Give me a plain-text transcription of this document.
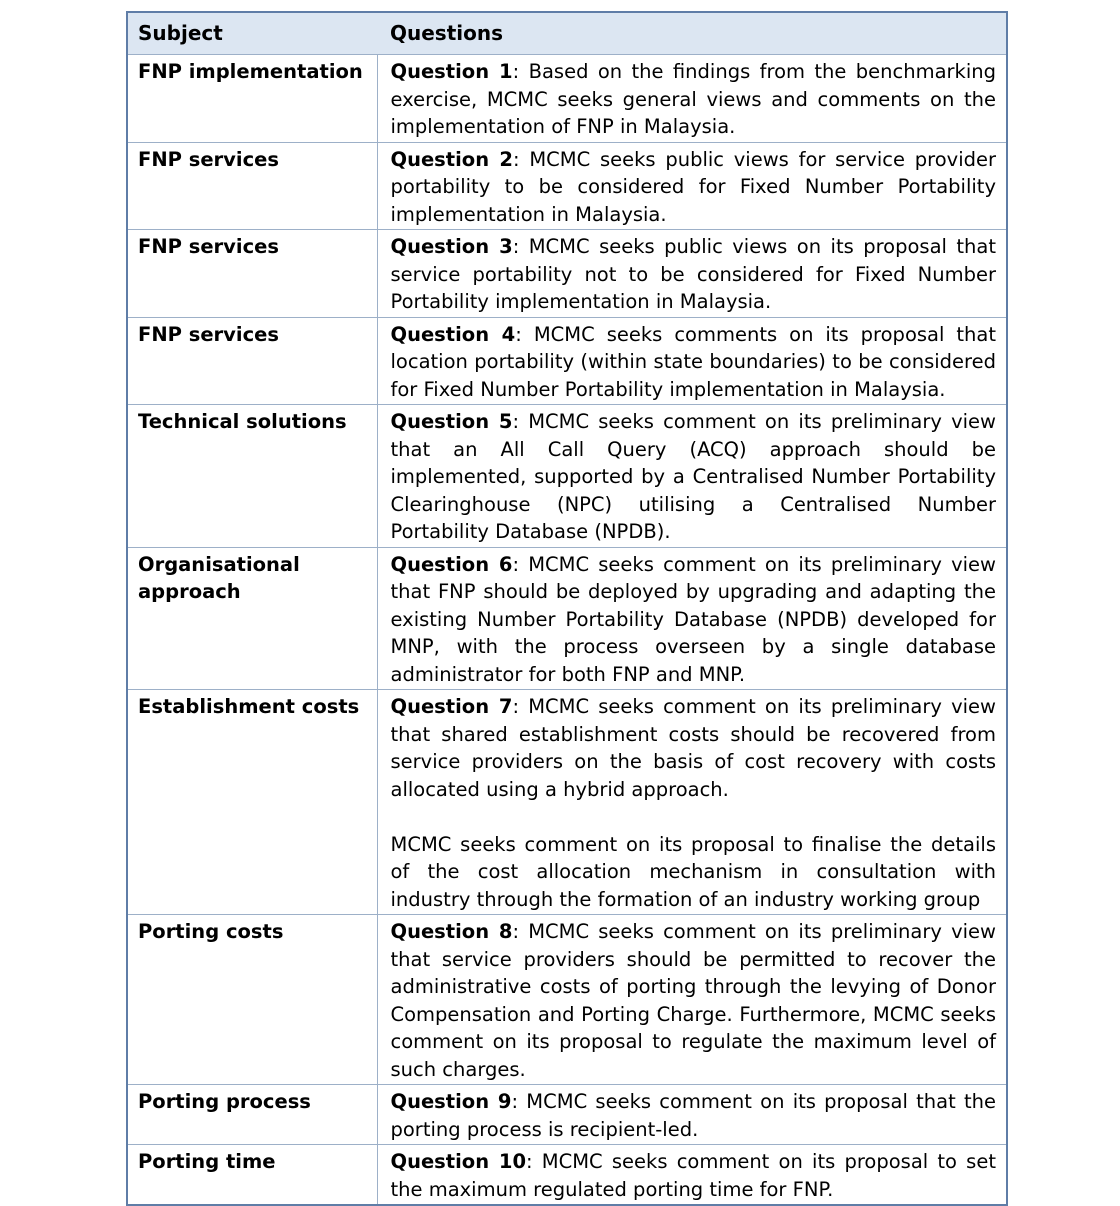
Subject	Questions
FNP implementation	Question 1: Based on the findings from the benchmarking exercise, MCMC seeks general views and comments on the implementation of FNP in Malaysia.

FNP services	Question 2: MCMC seeks public views for service provider portability to be considered for Fixed Number Portability implementation in Malaysia.

FNP services	Question 3: MCMC seeks public views on its proposal that service portability not to be considered for Fixed Number Portability implementation in Malaysia.

FNP services	Question 4: MCMC seeks comments on its proposal that location portability (within state boundaries) to be considered for Fixed Number Portability implementation in Malaysia.

Technical solutions	Question 5: MCMC seeks comment on its preliminary view that an All Call Query (ACQ) approach should be implemented, supported by a Centralised Number Portability Clearinghouse (NPC) utilising a Centralised Number Portability Database (NPDB).

Organisational approach	Question 6: MCMC seeks comment on its preliminary view that FNP should be deployed by upgrading and adapting the existing Number Portability Database (NPDB) developed for MNP, with the process overseen by a single database administrator for both FNP and MNP.

Establishment costs	Question 7: MCMC seeks comment on its preliminary view that shared establishment costs should be recovered from service providers on the basis of cost recovery with costs allocated using a hybrid approach.

MCMC seeks comment on its proposal to finalise the details of the cost allocation mechanism in consultation with industry through the formation of an industry working group

Porting costs	Question 8: MCMC seeks comment on its preliminary view that service providers should be permitted to recover the administrative costs of porting through the levying of Donor Compensation and Porting Charge. Furthermore, MCMC seeks comment on its proposal to regulate the maximum level of such charges.

Porting process	Question 9: MCMC seeks comment on its proposal that the porting process is recipient-led.

Porting time	Question 10: MCMC seeks comment on its proposal to set the maximum regulated porting time for FNP.
